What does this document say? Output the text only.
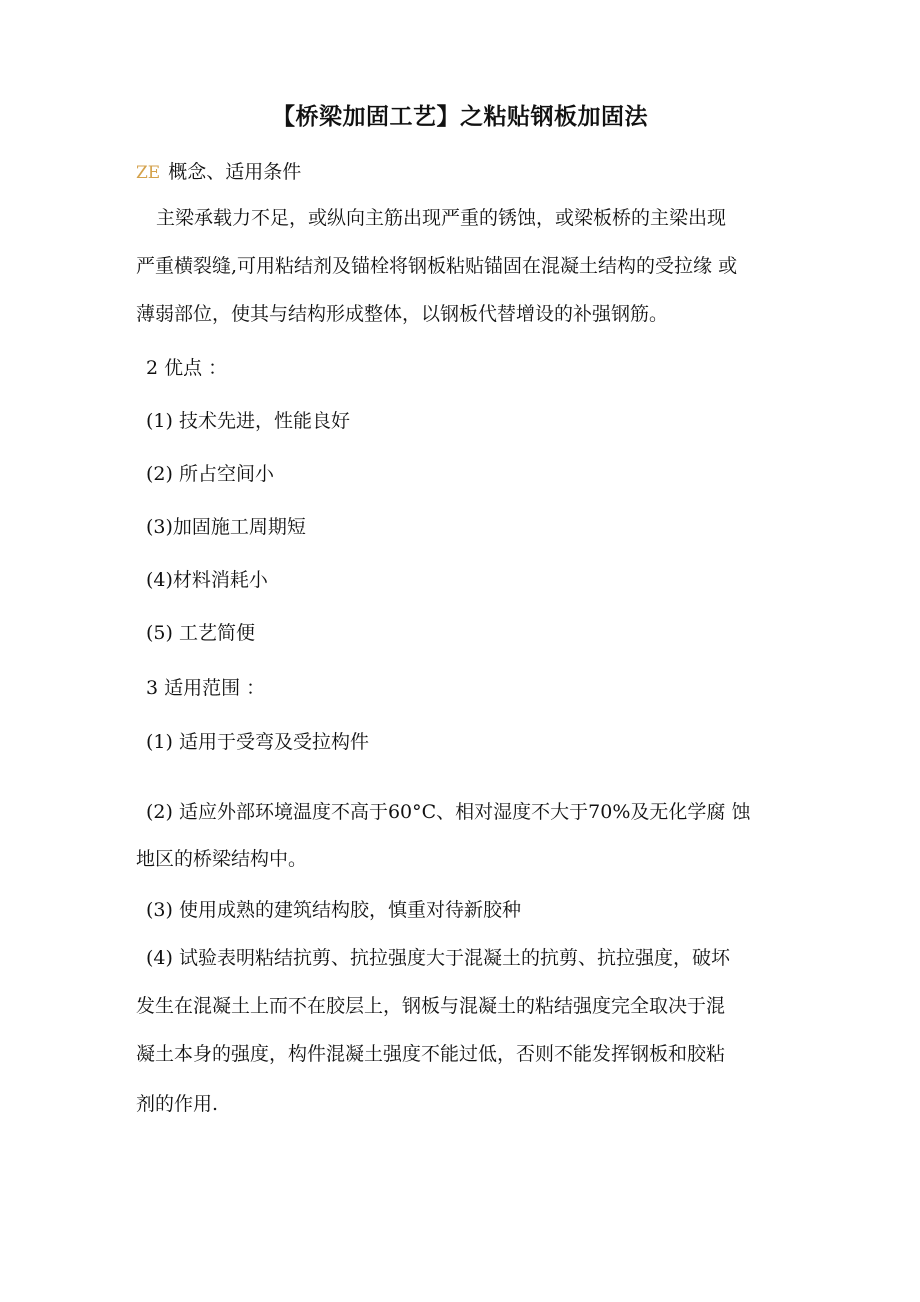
【桥梁加固工艺】之粘贴钢板加固法
ZE 概念、适用条件
主梁承载力不足，或纵向主筋出现严重的锈蚀，或梁板桥的主梁出现
严重横裂缝,可用粘结剂及锚栓将钢板粘贴锚固在混凝土结构的受拉缘 或
薄弱部位，使其与结构形成整体，以钢板代替增设的补强钢筋。
2 优点 ：
(1) 技术先进，性能良好
(2) 所占空间小
(3)加固施工周期短
(4)材料消耗小
(5) 工艺简便
3 适用范围 ：
(1) 适用于受弯及受拉构件
(2) 适应外部环境温度不高于60°C、相对湿度不大于70%及无化学腐 蚀
地区的桥梁结构中。
(3) 使用成熟的建筑结构胶，慎重对待新胶种
(4) 试验表明粘结抗剪、抗拉强度大于混凝土的抗剪、抗拉强度，破坏
发生在混凝土上而不在胶层上，钢板与混凝土的粘结强度完全取决于混
凝土本身的强度，构件混凝土强度不能过低，否则不能发挥钢板和胶粘
剂的作用.
